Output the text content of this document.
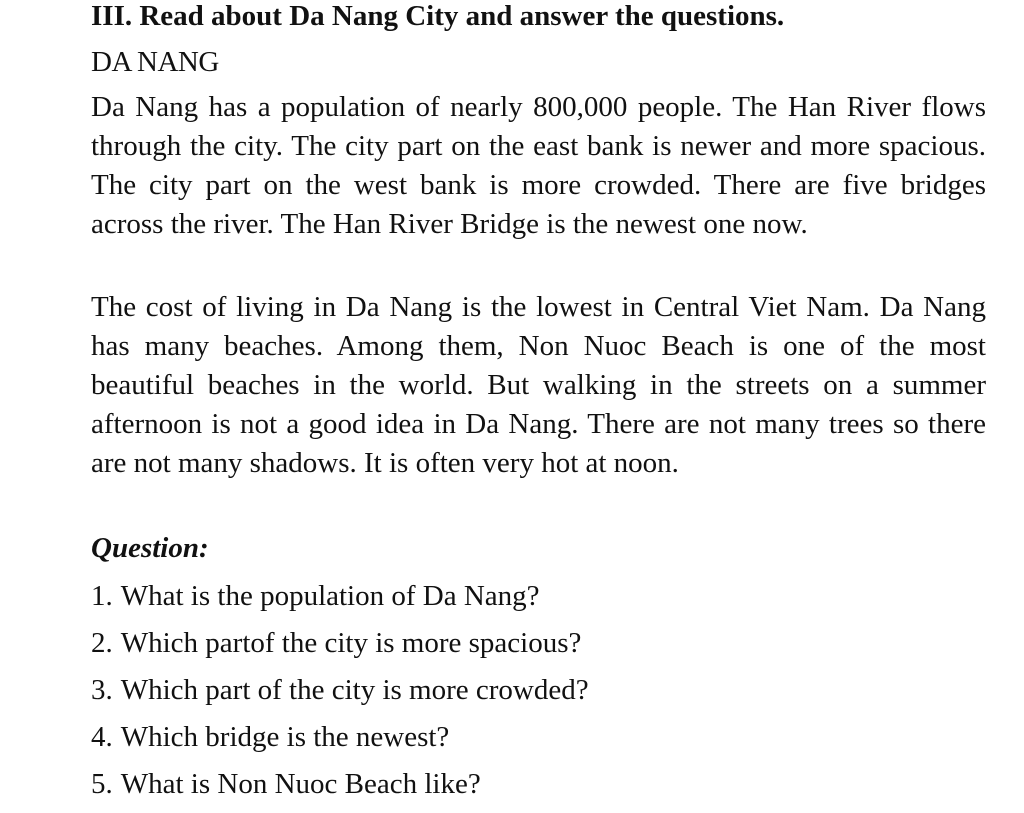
III. Read about Da Nang City and answer the questions.
DA NANG

Da Nang has a population of nearly 800,000 people. The Han River flows through the city. The city part on the east bank is newer and more spacious. The city part on the west bank is more crowded. There are five bridges across the river. The Han River Bridge is the newest one now.

The cost of living in Da Nang is the lowest in Central Viet Nam. Da Nang has many beaches. Among them, Non Nuoc Beach is one of the most beautiful beaches in the world. But walking in the streets on a summer afternoon is not a good idea in Da Nang. There are not many trees so there are not many shadows. It is often very hot at noon.

Question:
1. What is the population of Da Nang?
2. Which partof the city is more spacious?
3. Which part of the city is more crowded?
4. Which bridge is the newest?
5. What is Non Nuoc Beach like?
